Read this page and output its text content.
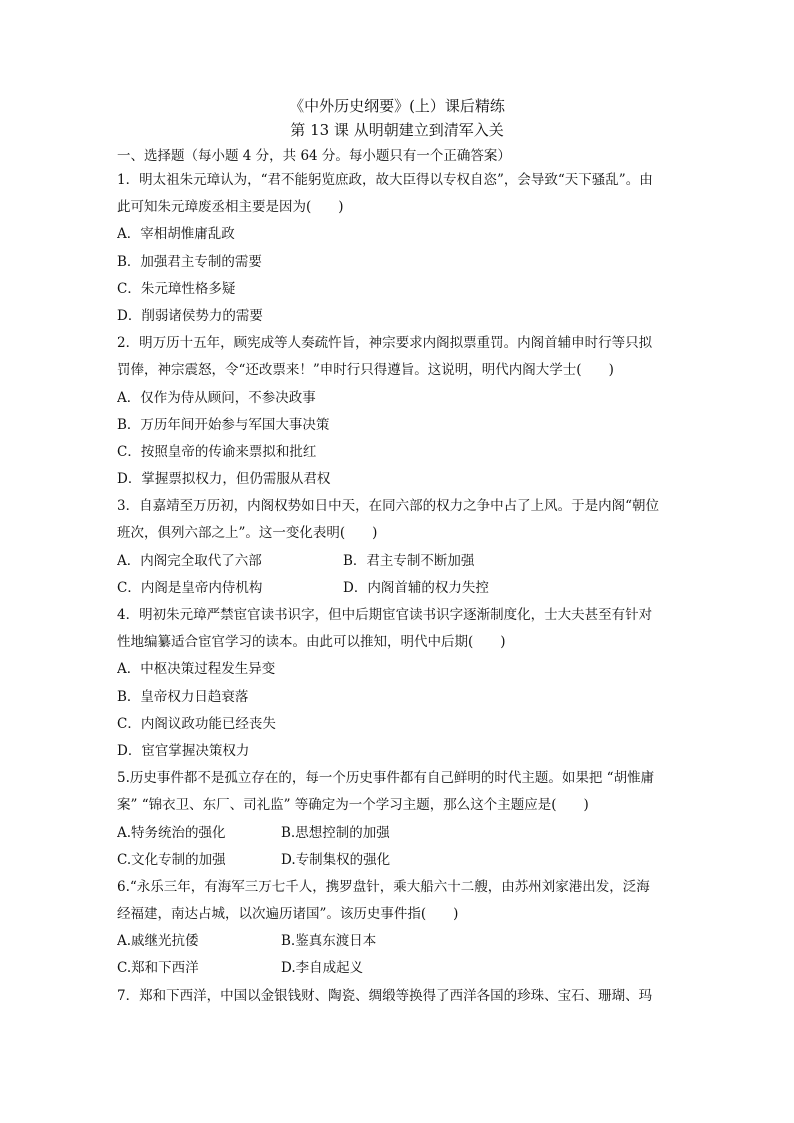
《中外历史纲要》(上）课后精练
第 13 课 从明朝建立到清军入关
一、选择题（每小题 4 分，共 64 分。每小题只有一个正确答案）
1．明太祖朱元璋认为，“君不能躬览庶政，故大臣得以专权自恣”，会导致“天下骚乱”。由
此可知朱元璋废丞相主要是因为(　　)
A．宰相胡惟庸乱政
B．加强君主专制的需要
C．朱元璋性格多疑
D．削弱诸侯势力的需要
2．明万历十五年，顾宪成等人奏疏忤旨，神宗要求内阁拟票重罚。内阁首辅申时行等只拟
罚俸，神宗震怒，令“还改票来！”申时行只得遵旨。这说明，明代内阁大学士(　　)
A．仅作为侍从顾问，不参决政事
B．万历年间开始参与军国大事决策
C．按照皇帝的传谕来票拟和批红
D．掌握票拟权力，但仍需服从君权
3．自嘉靖至万历初，内阁权势如日中天，在同六部的权力之争中占了上风。于是内阁“朝位
班次，俱列六部之上”。这一变化表明(　　)
A．内阁完全取代了六部	B．君主专制不断加强
C．内阁是皇帝内侍机构	D．内阁首辅的权力失控
4．明初朱元璋严禁宦官读书识字，但中后期宦官读书识字逐渐制度化，士大夫甚至有针对
性地编纂适合宦官学习的读本。由此可以推知，明代中后期(　　)
A．中枢决策过程发生异变
B．皇帝权力日趋衰落
C．内阁议政功能已经丧失
D．宦官掌握决策权力
5.历史事件都不是孤立存在的，每一个历史事件都有自己鲜明的时代主题。如果把 “胡惟庸
案” “锦衣卫、东厂、司礼监” 等确定为一个学习主题，那么这个主题应是(　　)
A.特务统治的强化	B.思想控制的加强
C.文化专制的加强	D.专制集权的强化
6.“永乐三年，有海军三万七千人，携罗盘针，乘大船六十二艘，由苏州刘家港出发，泛海
经福建，南达占城，以次遍历诸国”。该历史事件指(　　)
A.戚继光抗倭	B.鉴真东渡日本
C.郑和下西洋	D.李自成起义
7．郑和下西洋，中国以金银钱财、陶瓷、绸缎等换得了西洋各国的珍珠、宝石、珊瑚、玛
